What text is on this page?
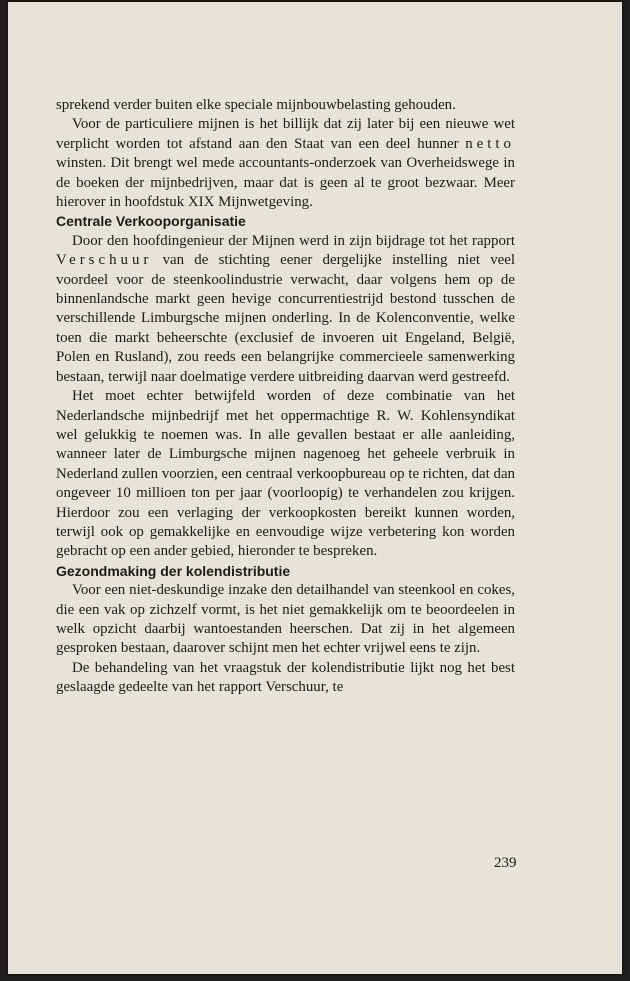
sprekend verder buiten elke speciale mijnbouwbelasting gehouden.

Voor de particuliere mijnen is het billijk dat zij later bij een nieuwe wet verplicht worden tot afstand aan den Staat van een deel hunner netto winsten. Dit brengt wel mede accountants-onderzoek van Overheidswege in de boeken der mijnbedrijven, maar dat is geen al te groot bezwaar. Meer hierover in hoofdstuk XIX Mijnwetgeving.

Centrale Verkooporganisatie

Door den hoofdingenieur der Mijnen werd in zijn bijdrage tot het rapport Verschuur van de stichting eener dergelijke instelling niet veel voordeel voor de steenkoolindustrie verwacht, daar volgens hem op de binnenlandsche markt geen hevige concurrentiestrijd bestond tusschen de verschillende Limburgsche mijnen onderling. In de Kolenconventie, welke toen die markt beheerschte (exclusief de invoeren uit Engeland, België, Polen en Rusland), zou reeds een belangrijke commercieele samenwerking bestaan, terwijl naar doelmatige verdere uitbreiding daarvan werd gestreefd.

Het moet echter betwijfeld worden of deze combinatie van het Nederlandsche mijnbedrijf met het oppermachtige R. W. Kohlensyndikat wel gelukkig te noemen was. In alle gevallen bestaat er alle aanleiding, wanneer later de Limburgsche mijnen nagenoeg het geheele verbruik in Nederland zullen voorzien, een centraal verkoopbureau op te richten, dat dan ongeveer 10 millioen ton per jaar (voorloopig) te verhandelen zou krijgen. Hierdoor zou een verlaging der verkoopkosten bereikt kunnen worden, terwijl ook op gemakkelijke en eenvoudige wijze verbetering kon worden gebracht op een ander gebied, hieronder te bespreken.

Gezondmaking der kolendistributie

Voor een niet-deskundige inzake den detailhandel van steenkool en cokes, die een vak op zichzelf vormt, is het niet gemakkelijk om te beoordeelen in welk opzicht daarbij wantoestanden heerschen. Dat zij in het algemeen gesproken bestaan, daarover schijnt men het echter vrijwel eens te zijn.

De behandeling van het vraagstuk der kolendistributie lijkt nog het best geslaagde gedeelte van het rapport Verschuur, te

239
